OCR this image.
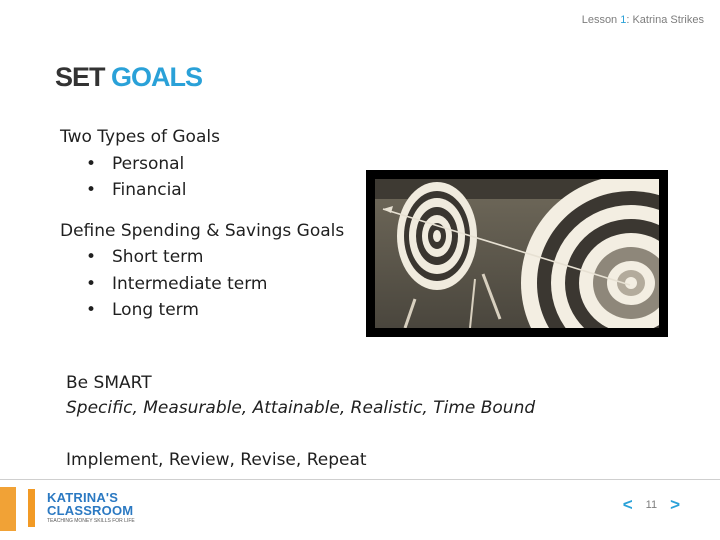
Lesson 1: Katrina Strikes
SET GOALS
Two Types of Goals
• Personal
• Financial
Define Spending & Savings Goals
• Short term
• Intermediate term
• Long term
Be SMART
Specific, Measurable, Attainable, Realistic, Time Bound
Implement, Review, Revise, Repeat
KATRINA'S
CLASSROOM
TEACHING MONEY SKILLS FOR LIFE
< 11 >
